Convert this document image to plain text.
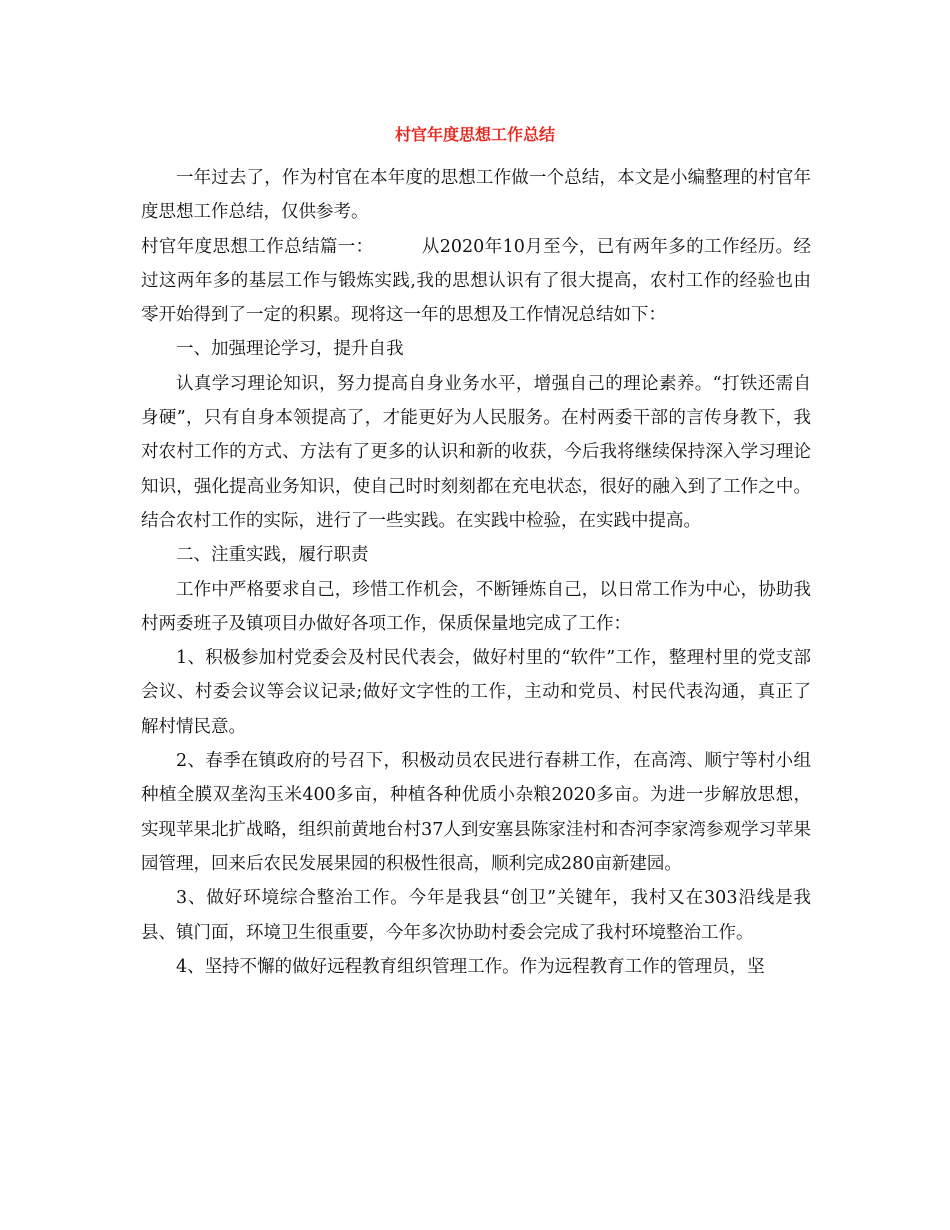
村官年度思想工作总结

一年过去了，作为村官在本年度的思想工作做一个总结，本文是小编整理的村官年度思想工作总结，仅供参考。

村官年度思想工作总结篇一：	从2020年10月至今，已有两年多的工作经历。经过这两年多的基层工作与锻炼实践,我的思想认识有了很大提高，农村工作的经验也由零开始得到了一定的积累。现将这一年的思想及工作情况总结如下：

一、加强理论学习，提升自我

认真学习理论知识，努力提高自身业务水平，增强自己的理论素养。“打铁还需自身硬”，只有自身本领提高了，才能更好为人民服务。在村两委干部的言传身教下，我对农村工作的方式、方法有了更多的认识和新的收获，今后我将继续保持深入学习理论知识，强化提高业务知识，使自己时时刻刻都在充电状态，很好的融入到了工作之中。结合农村工作的实际，进行了一些实践。在实践中检验，在实践中提高。

二、注重实践，履行职责

工作中严格要求自己，珍惜工作机会，不断锤炼自己，以日常工作为中心，协助我村两委班子及镇项目办做好各项工作，保质保量地完成了工作：

1、积极参加村党委会及村民代表会，做好村里的“软件”工作，整理村里的党支部会议、村委会议等会议记录;做好文字性的工作，主动和党员、村民代表沟通，真正了解村情民意。

2、春季在镇政府的号召下，积极动员农民进行春耕工作，在高湾、顺宁等村小组种植全膜双垄沟玉米400多亩，种植各种优质小杂粮2020多亩。为进一步解放思想，实现苹果北扩战略，组织前黄地台村37人到安塞县陈家洼村和杏河李家湾参观学习苹果园管理，回来后农民发展果园的积极性很高，顺利完成280亩新建园。

3、做好环境综合整治工作。今年是我县“创卫”关键年，我村又在303沿线是我县、镇门面，环境卫生很重要，今年多次协助村委会完成了我村环境整治工作。

4、坚持不懈的做好远程教育组织管理工作。作为远程教育工作的管理员，坚
